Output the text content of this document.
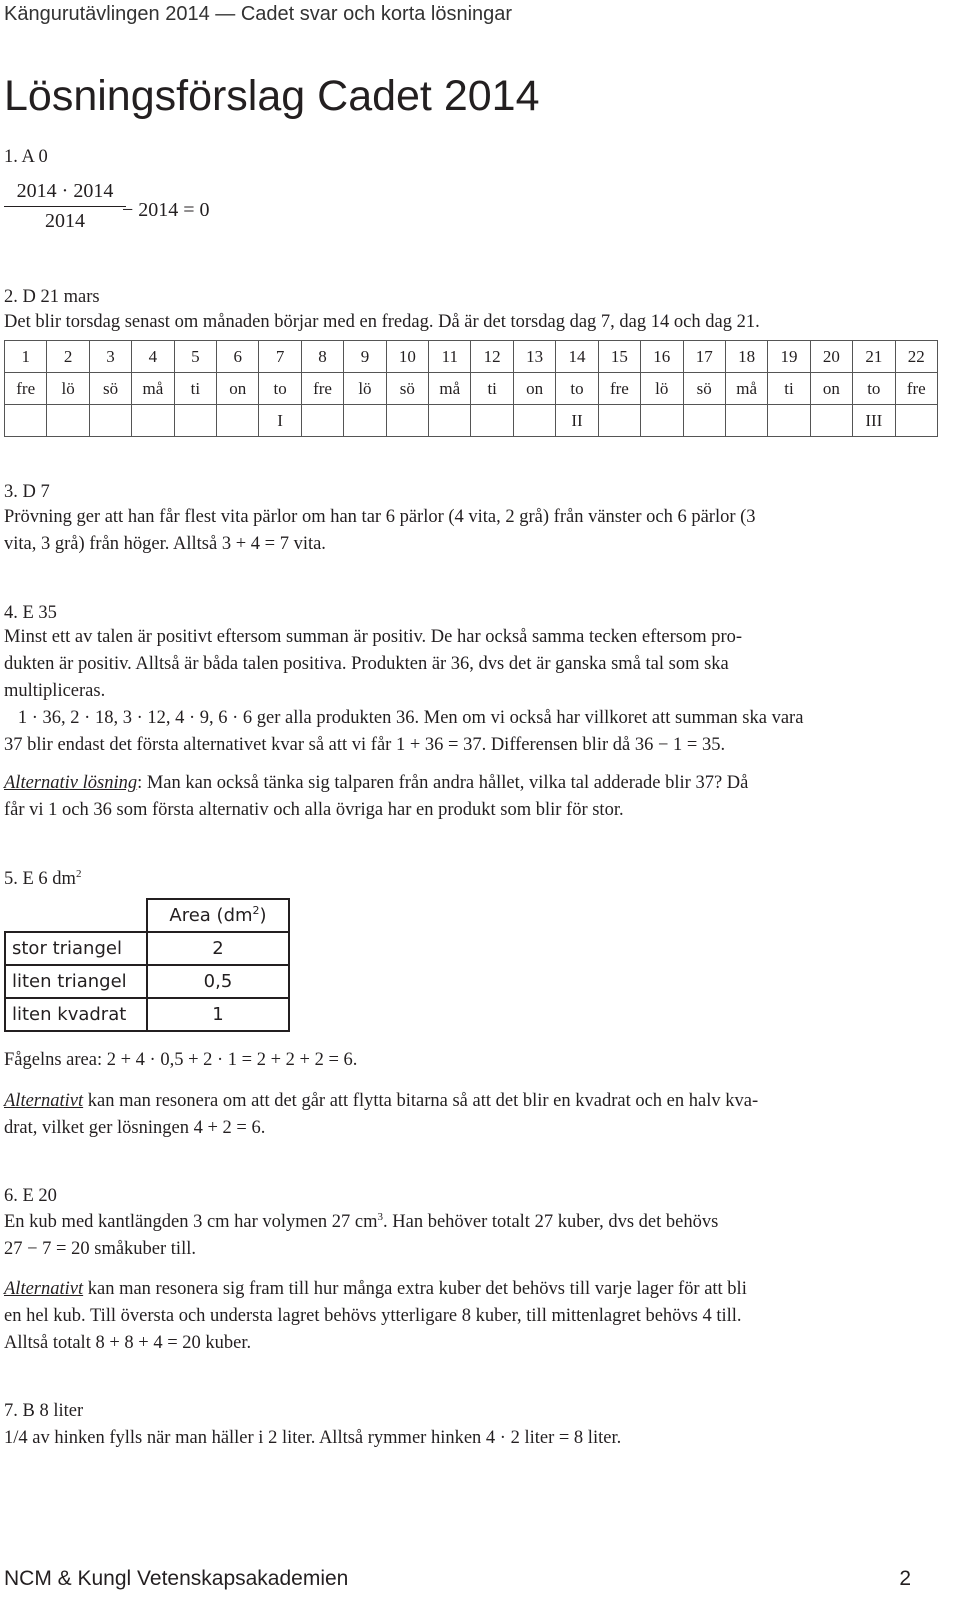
Kängurutävlingen 2014 — Cadet svar och korta lösningar
Lösningsförslag Cadet 2014
1. A 0
$\frac{2014 \cdot 2014}{2014}$
− 2014 = 0
2. D 21 mars
Det blir torsdag senast om månaden börjar med en fredag. Då är det torsdag dag 7, dag 14 och dag 21.
1	2	3	4	5	6	7	8	9	10	11	12	13	14	15	16	17	18	19	20	21	22
fre	lö	sö	må	ti	on	to	fre	lö	sö	må	ti	on	to	fre	lö	sö	må	ti	on	to	fre
						I							II							III	
3. D 7
Prövning ger att han får flest vita pärlor om han tar 6 pärlor (4 vita, 2 grå) från vänster och 6 pärlor (3
vita, 3 grå) från höger. Alltså 3 + 4 = 7 vita.
4. E 35
Minst ett av talen är positivt eftersom summan är positiv. De har också samma tecken eftersom pro-
dukten är positiv. Alltså är båda talen positiva. Produkten är 36, dvs det är ganska små tal som ska
multipliceras.
1 · 36, 2 · 18, 3 · 12, 4 · 9, 6 · 6 ger alla produkten 36. Men om vi också har villkoret att summan ska vara
37 blir endast det första alternativet kvar så att vi får 1 + 36 = 37. Differensen blir då 36 − 1 = 35.
Alternativ lösning: Man kan också tänka sig talparen från andra hållet, vilka tal adderade blir 37? Då
får vi 1 och 36 som första alternativ och alla övriga har en produkt som blir för stor.
5. E 6 $dm^2$
	Area $(dm^2)$
stor triangel	2
liten triangel	0,5
liten kvadrat	1
Fågelns area: 2 + 4 · 0,5 + 2 · 1 = 2 + 2 + 2 = 6.
Alternativt kan man resonera om att det går att flytta bitarna så att det blir en kvadrat och en halv kva-
drat, vilket ger lösningen 4 + 2 = 6.
6. E 20
En kub med kantlängden 3 cm har volymen 27 $cm^3$. Han behöver totalt 27 kuber, dvs det behövs
27 − 7 = 20 småkuber till.
Alternativt kan man resonera sig fram till hur många extra kuber det behövs till varje lager för att bli
en hel kub. Till översta och understa lagret behövs ytterligare 8 kuber, till mittenlagret behövs 4 till.
Alltså totalt 8 + 8 + 4 = 20 kuber.
7. B 8 liter
1/4 av hinken fylls när man häller i 2 liter. Alltså rymmer hinken 4 · 2 liter = 8 liter.
NCM & Kungl Vetenskapsakademien	2
